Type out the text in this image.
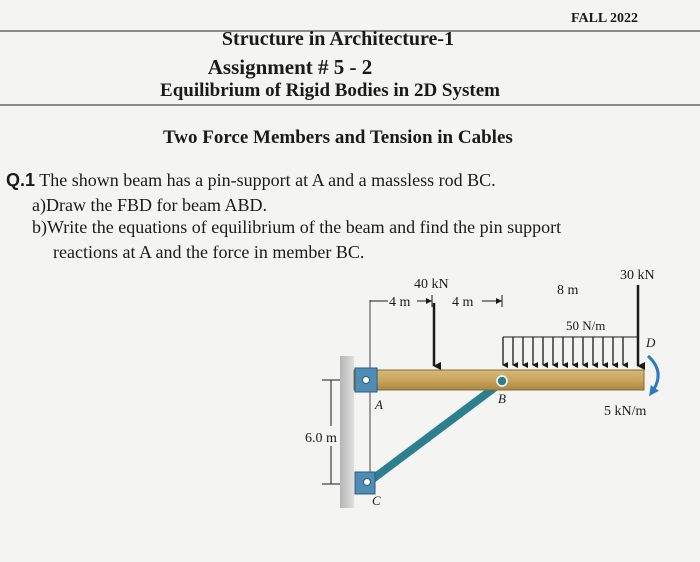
FALL 2022
Structure in Architecture-1
Assignment # 5 - 2
Equilibrium of Rigid Bodies in 2D System
Two Force Members and Tension in Cables
Q.1 The shown beam has a pin-support at A and a massless rod BC.
a)Draw the FBD for beam ABD.
b)Write the equations of equilibrium of the beam and find the pin support
reactions at A and the force in member BC.
6.0 m
A	B
C
D
4 m	4 m
8 m
40 kN
50 N/m
30 kN
5 kN/m
